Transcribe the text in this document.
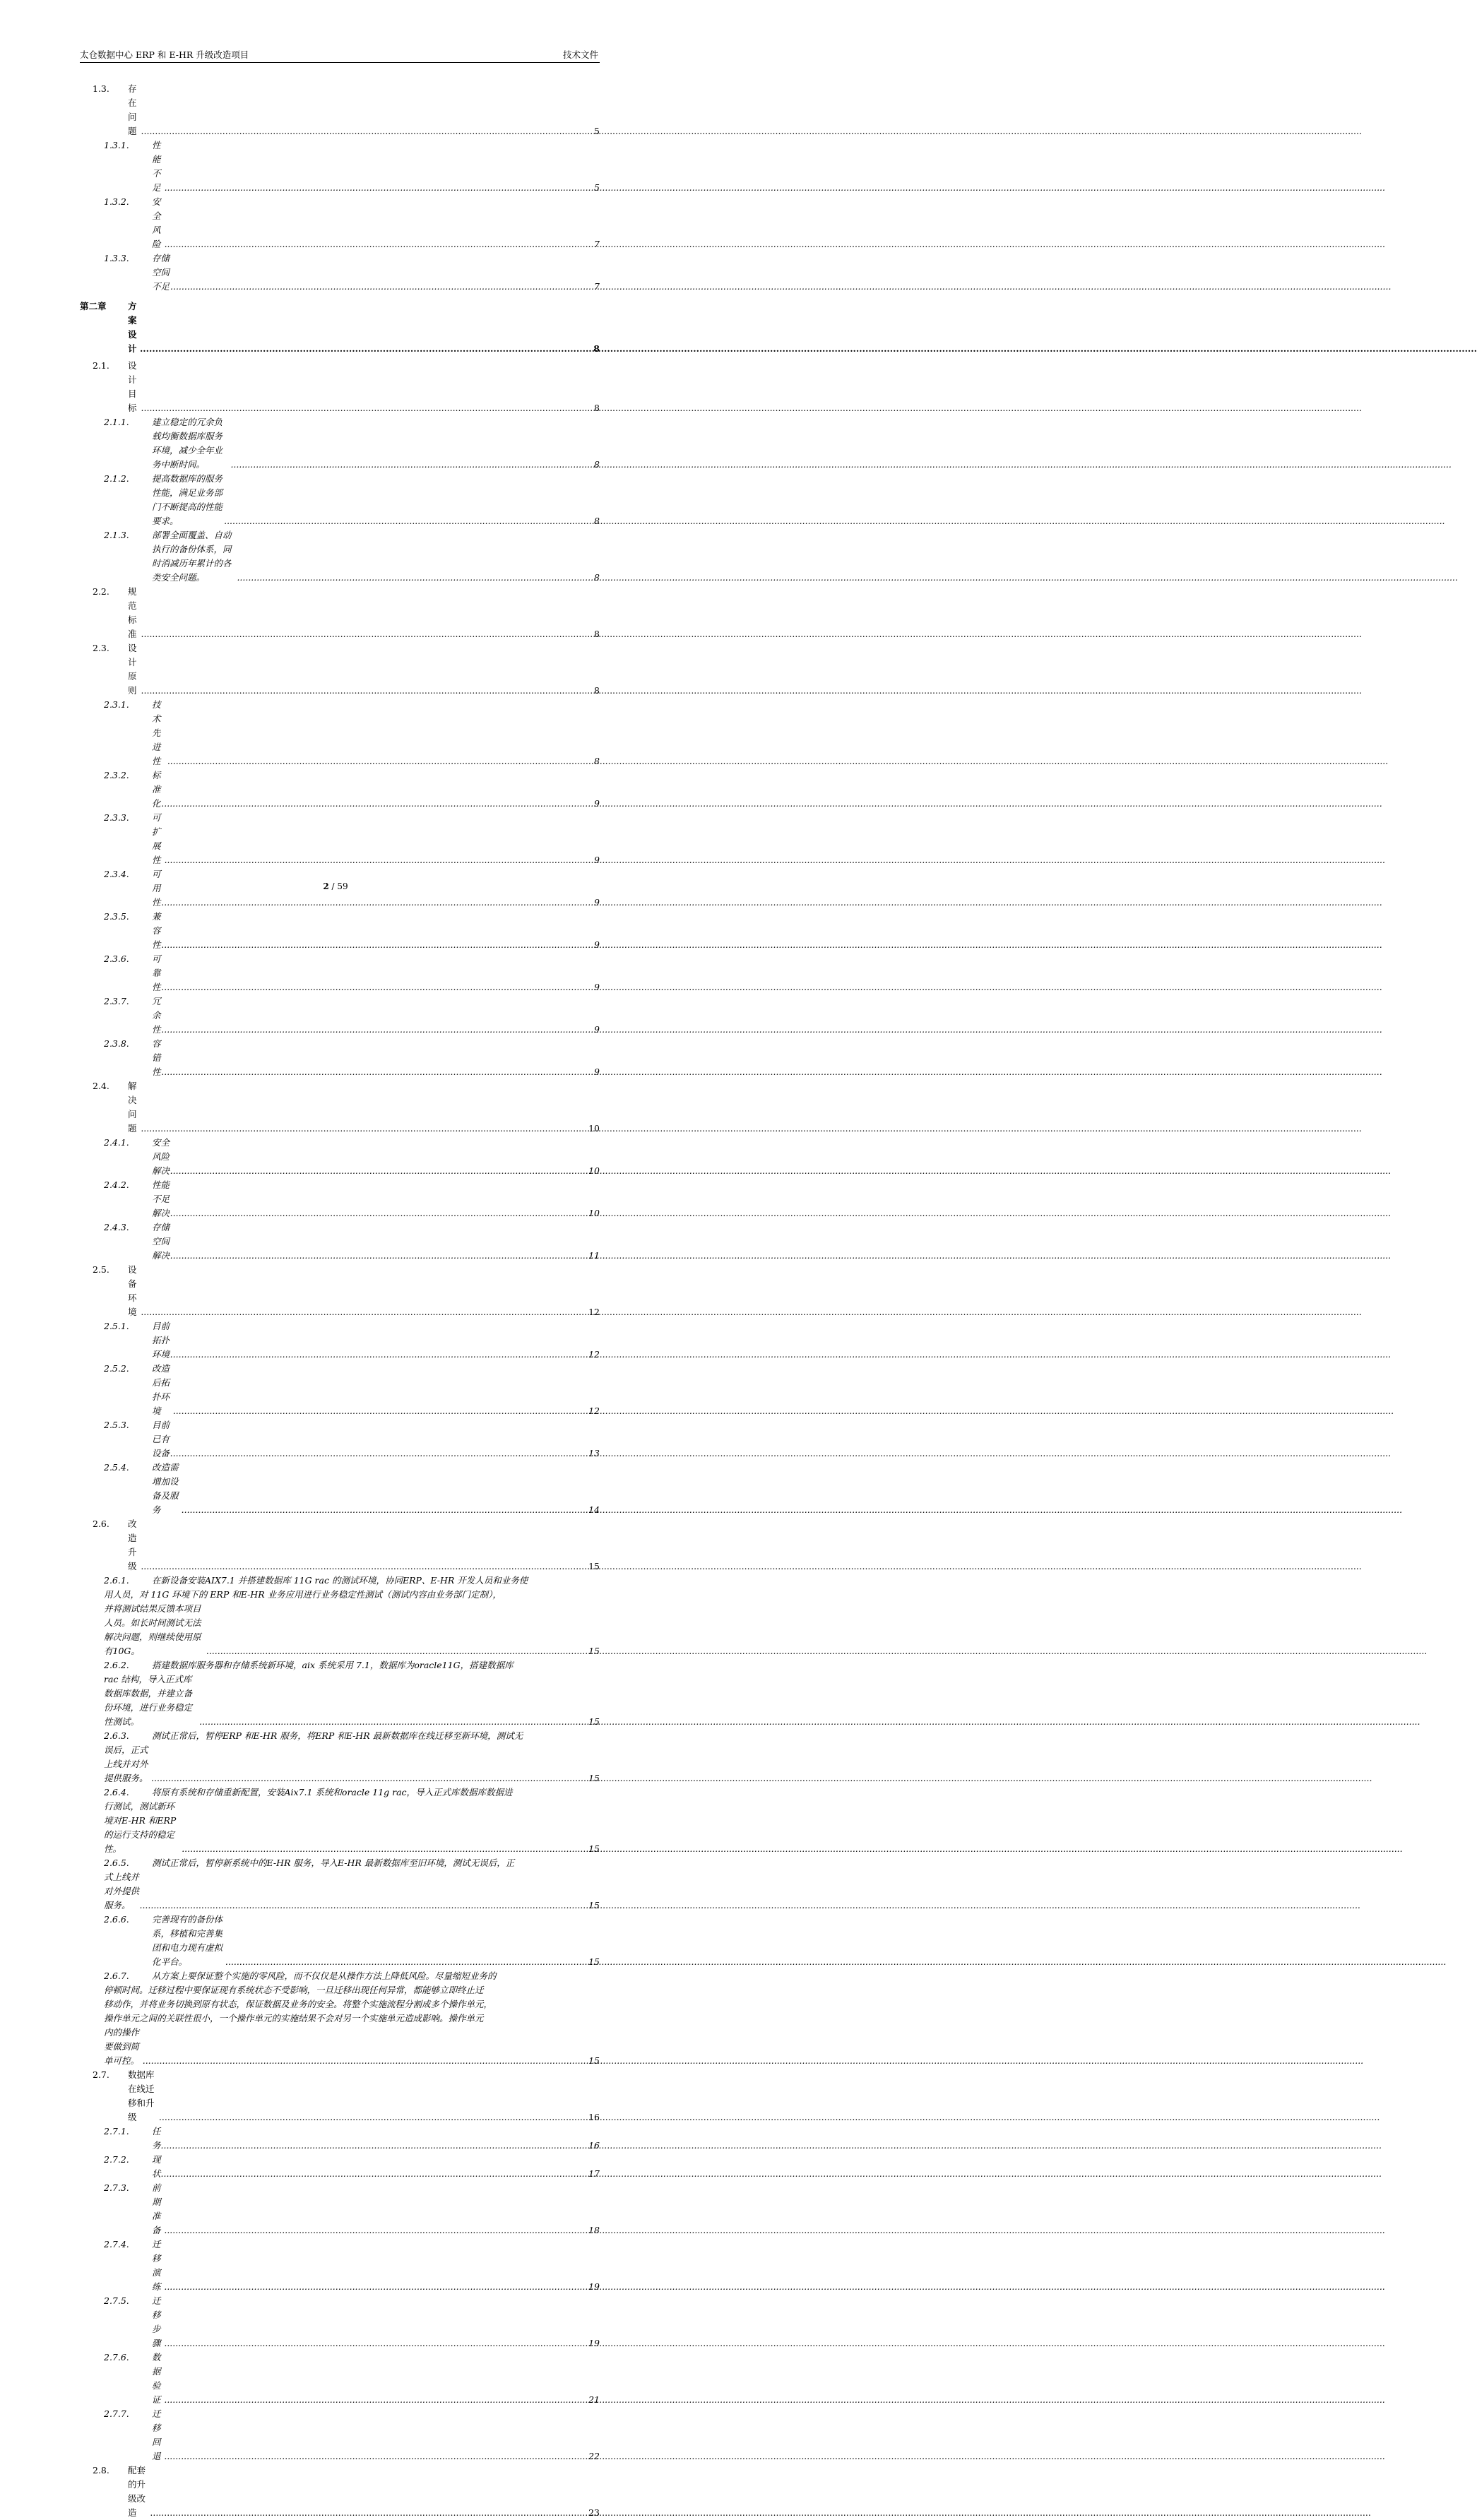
太仓数据中心 ERP 和 E-HR 升级改造项目	技术文件
1.3. 存在问题 .....	5
1.3.1.	性能不足 .....	5
1.3.2.	安全风险 .....	7
1.3.3.	存储空间不足 .....	7
第二章 方案设计 .....	8
2.1. 设计目标 .....	8
2.1.1.	建立稳定的冗余负载均衡数据库服务环境，减少全年业务中断时间。 .....	8
2.1.2.	提高数据库的服务性能，满足业务部门不断提高的性能要求。 .....	8
2.1.3.	部署全面覆盖、自动执行的备份体系，同时消减历年累计的各类安全问题。 .....	8
2.2. 规范标准 .....	8
2.3. 设计原则 .....	8
2.3.1.	技术先进性 .....	8
2.3.2.	标准化 .....	9
2.3.3.	可扩展性 .....	9
2.3.4.	可用性 .....	9
2.3.5.	兼容性 .....	9
2.3.6.	可靠性 .....	9
2.3.7.	冗余性 .....	9
2.3.8.	容错性 .....	9
2.4. 解决问题 .....	10
2.4.1.	安全风险解决 .....	10
2.4.2.	性能不足解决 .....	10
2.4.3.	存储空间解决 .....	11
2.5. 设备环境 .....	12
2.5.1.	目前拓扑环境 .....	12
2.5.2.	改造后拓扑环境 .....	12
2.5.3.	目前已有设备 .....	13
2.5.4.	改造需增加设备及服务 .....	14
2.6. 改造升级 .....	15
2.6.1.	在新设备安装AIX7.1 并搭建数据库 11G rac 的测试环境，协同ERP、E-HR 开发人员和业务使
用人员，对 11G 环境下的 ERP 和E-HR 业务应用进行业务稳定性测试（测试内容由业务部门定制），
并将测试结果反馈本项目人员。如长时间测试无法解决问题，则继续使用原有10G。 .....	15
2.6.2.	搭建数据库服务器和存储系统新环境，aix 系统采用 7.1，数据库为oracle11G，搭建数据库
rac 结构，导入正式库数据库数据，并建立备份环境，进行业务稳定性测试。 .....	15
2.6.3.	测试正常后，暂停ERP 和E-HR 服务，将ERP 和E-HR 最新数据库在线迁移至新环境，测试无
误后，正式上线并对外提供服务。 .....	15
2.6.4.	将原有系统和存储重新配置，安装Aix7.1 系统和oracle 11g rac，导入正式库数据库数据进
行测试，测试新环境对E-HR 和ERP 的运行支持的稳定性。 .....	15
2.6.5.	测试正常后，暂停新系统中的E-HR 服务，导入E-HR 最新数据库至旧环境，测试无误后，正
式上线并对外提供服务。 .....	15
2.6.6.	完善现有的备份体系，移植和完善集团和电力现有虚拟化平台。 .....	15
2.6.7.	从方案上要保证整个实施的零风险，而不仅仅是从操作方法上降低风险。尽量缩短业务的
停顿时间。迁移过程中要保证现有系统状态不受影响，一旦迁移出现任何异常，都能够立即终止迁
移动作，并将业务切换到原有状态，保证数据及业务的安全。将整个实施流程分割成多个操作单元，
操作单元之间的关联性很小，一个操作单元的实施结果不会对另一个实施单元造成影响。操作单元
内的操作要做到简单可控。 .....	15
2.7. 数据库在线迁移和升级 .....	16
2.7.1.	任务 .....	16
2.7.2.	现状 .....	17
2.7.3.	前期准备 .....	18
2.7.4.	迁移演练 .....	19
2.7.5.	迁移步骤 .....	19
2.7.6.	数据验证 .....	21
2.7.7.	迁移回退 .....	22
2.8. 配套的升级改造 .....	23
2 / 59
